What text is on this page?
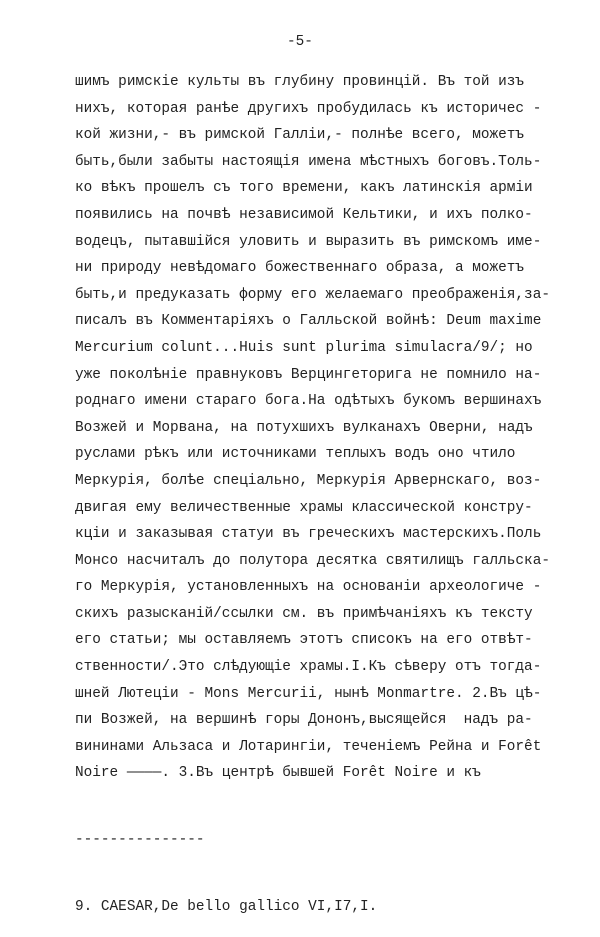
-5-
шимъ римскіе культы въ глубину провинцій. Въ той изъ
нихъ, которая ранѣе другихъ пробудилась къ историчес -
кой жизни,- въ римской Галліи,- полнѣе всего, можетъ
быть,были забыты настоящія имена мѣстныхъ боговъ.Толь-
ко вѣкъ прошелъ съ того времени, какъ латинскія арміи
появились на почвѣ независимой Кельтики, и ихъ полко-
водецъ, пытавшійся уловить и выразить въ римскомъ име-
ни природу невѣдомаго божественнаго образа, а можетъ
быть,и предуказать форму его желаемаго преображенія,за-
писалъ въ Комментаріяхъ о Галльской войнѣ: Deum maxime
Mercurium colunt...Huis sunt plurima simulacra/9/; но
уже поколѣніе правнуковъ Верцингеторига не помнило на-
роднаго имени стараго бога.На одѣтыхъ букомъ вершинахъ
Возжей и Морвана, на потухшихъ вулканахъ Оверни, надъ
руслами рѣкъ или источниками теплыхъ водъ оно чтило
Меркурія, болѣе спеціально, Меркурія Арвернскаго, воз-
двигая ему величественные храмы классической констру-
кціи и заказывая статуи въ греческихъ мастерскихъ.Поль
Монсо насчиталъ до полутора десятка святилищъ галльска-
го Меркурія, установленныхъ на основаніи археологиче -
скихъ разысканій/ссылки см. въ примѣчаніяхъ къ тексту
его статьи; мы оставляемъ этотъ списокъ на его отвѣт-
ственности/.Это слѣдующіе храмы.I.Къ сѣверу отъ тогда-
шней Лютеціи - Mons Mercurii, нынѣ Monmartre. 2.Въ цѣ-
пи Возжей, на вершинѣ горы Дононъ,высящейся  надъ ра-
вининами Альзаса и Лотарингіи, теченіемъ Рейна и Forêt
Noire ————. 3.Въ центрѣ бывшей Forêt Noire и къ

---------------

9. CAESAR,De bello gallico VI,I7,I.
